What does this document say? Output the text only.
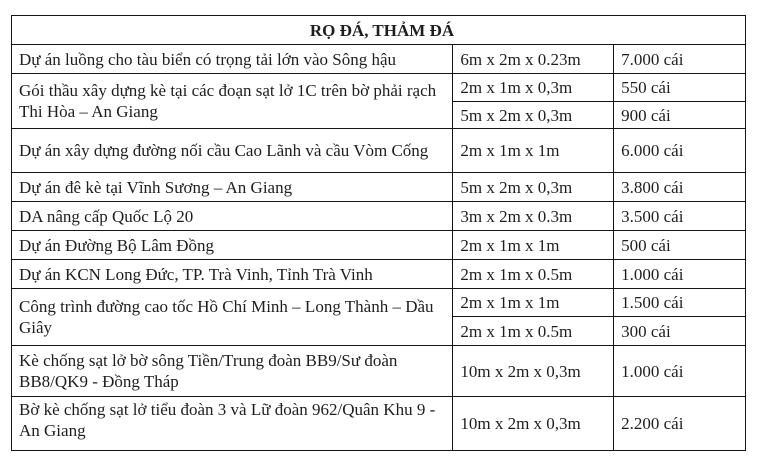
RỌ ĐÁ, THẢM ĐÁ		
Dự án luồng cho tàu biển có trọng tải lớn vào Sông hậu	6m x 2m x 0.23m	7.000 cái
Gói thầu xây dựng kè tại các đoạn sạt lở 1C trên bờ phải rạch Thi Hòa – An Giang	2m x 1m x 0,3m	550 cái
	5m x 2m x 0,3m	900 cái
Dự án xây dựng đường nối cầu Cao Lãnh và cầu Vòm Cống	2m x 1m x 1m	6.000 cái
Dự án đê kè tại Vĩnh Sương – An Giang	5m x 2m x 0,3m	3.800 cái
DA nâng cấp Quốc Lộ 20	3m x 2m x 0.3m	3.500 cái
Dự án Đường Bộ Lâm Đồng	2m x 1m x 1m	500 cái
Dự án KCN Long Đức, TP. Trà Vinh, Tỉnh Trà Vinh	2m x 1m x 0.5m	1.000 cái
Công trình đường cao tốc Hồ Chí Minh – Long Thành – Dầu Giây	2m x 1m x 1m	1.500 cái
	2m x 1m x 0.5m	300 cái
Kè chống sạt lở bờ sông Tiền/Trung đoàn BB9/Sư đoàn BB8/QK9 - Đồng Tháp	10m x 2m x 0,3m	1.000 cái
Bờ kè chống sạt lở tiểu đoàn 3 và Lữ đoàn 962/Quân Khu 9 - An Giang	10m x 2m x 0,3m	2.200 cái
